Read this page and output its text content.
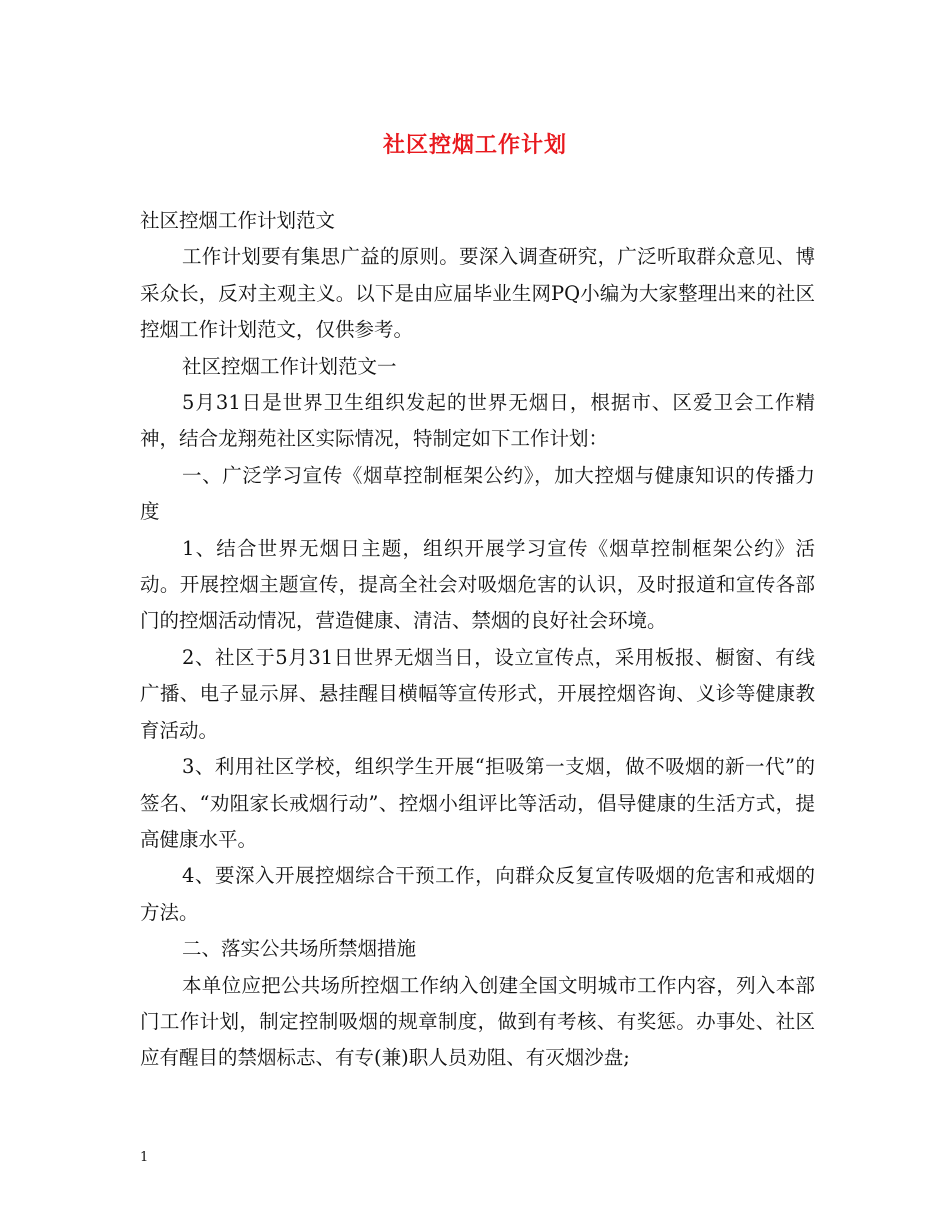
社区控烟工作计划

社区控烟工作计划范文

工作计划要有集思广益的原则。要深入调查研究，广泛听取群众意见、博采众长，反对主观主义。以下是由应届毕业生网PQ小编为大家整理出来的社区控烟工作计划范文，仅供参考。

社区控烟工作计划范文一

5月31日是世界卫生组织发起的世界无烟日，根据市、区爱卫会工作精神，结合龙翔苑社区实际情况，特制定如下工作计划：

一、广泛学习宣传《烟草控制框架公约》，加大控烟与健康知识的传播力度

1、结合世界无烟日主题，组织开展学习宣传《烟草控制框架公约》活动。开展控烟主题宣传，提高全社会对吸烟危害的认识，及时报道和宣传各部门的控烟活动情况，营造健康、清洁、禁烟的良好社会环境。

2、社区于5月31日世界无烟当日，设立宣传点，采用板报、橱窗、有线广播、电子显示屏、悬挂醒目横幅等宣传形式，开展控烟咨询、义诊等健康教育活动。

3、利用社区学校，组织学生开展“拒吸第一支烟，做不吸烟的新一代”的签名、“劝阻家长戒烟行动”、控烟小组评比等活动，倡导健康的生活方式，提高健康水平。

4、要深入开展控烟综合干预工作，向群众反复宣传吸烟的危害和戒烟的方法。

二、落实公共场所禁烟措施

本单位应把公共场所控烟工作纳入创建全国文明城市工作内容，列入本部门工作计划，制定控制吸烟的规章制度，做到有考核、有奖惩。办事处、社区应有醒目的禁烟标志、有专(兼)职人员劝阻、有灭烟沙盘;

1
